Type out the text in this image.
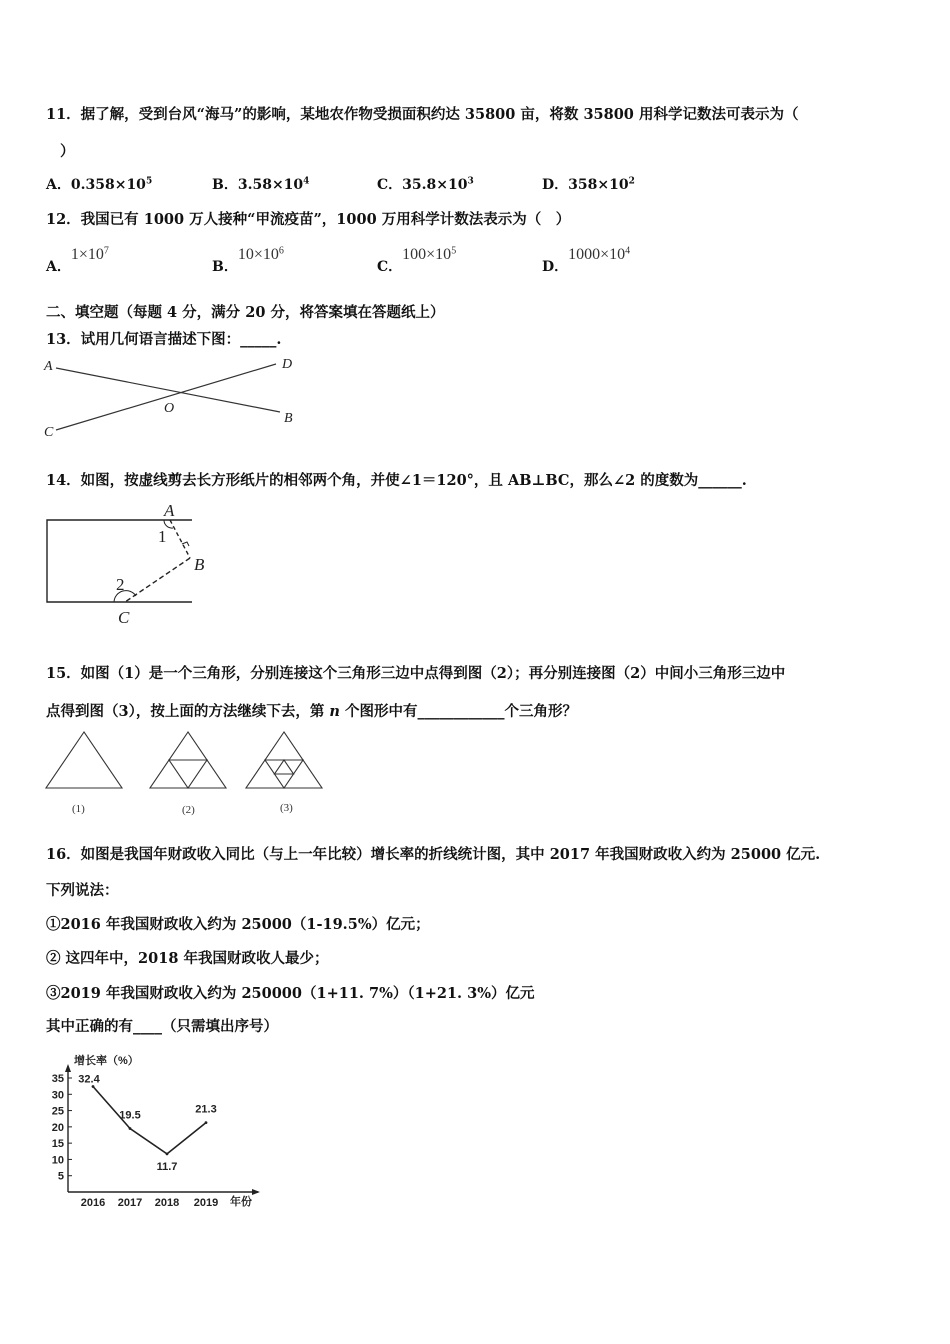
11．据了解，受到台风“海马”的影响，某地农作物受损面积约达 35800 亩，将数 35800 用科学记数法可表示为（
）
A．$0.358\times 10^5$	B．$3.58\times 10^4$	C．$35.8\times 10^3$	D．$358\times 10^2$
12．我国已有 1000 万人接种“甲流疫苗”，1000 万用科学计数法表示为（　）
A．$1\times 10^7$
B．$10\times 10^6$
C．$100\times 10^5$
D．$1000\times 10^4$
二、填空题（每题 4 分，满分 20 分，将答案填在答题纸上）
13．试用几何语言描述下图：_____.
A	D
O
B
C
14．如图，按虚线剪去长方形纸片的相邻两个角，并使∠1＝120°，且 AB⊥BC，那么∠2 的度数为______.
A
1
B
2
C
15．如图（1）是一个三角形，分别连接这个三角形三边中点得到图（2）；再分别连接图（2）中间小三角形三边中
点得到图（3），按上面的方法继续下去，第 n 个图形中有____________个三角形？
(1)	(2)	(3)
16．如图是我国年财政收入同比（与上一年比较）增长率的折线统计图，其中 2017 年我国财政收入约为 25000 亿元.
下列说法：
①2016 年我国财政收入约为 25000（1-19.5%）亿元；
② 这四年中，2018 年我国财政收人最少；
③2019 年我国财政收入约为 250000（1+11. 7%）（1+21. 3%）亿元
其中正确的有____（只需填出序号）
增长率（%）
年份
5
10
15
20
25
30
35
2016 2017 2018 2019
32.4
19.5
11.7
21.3
